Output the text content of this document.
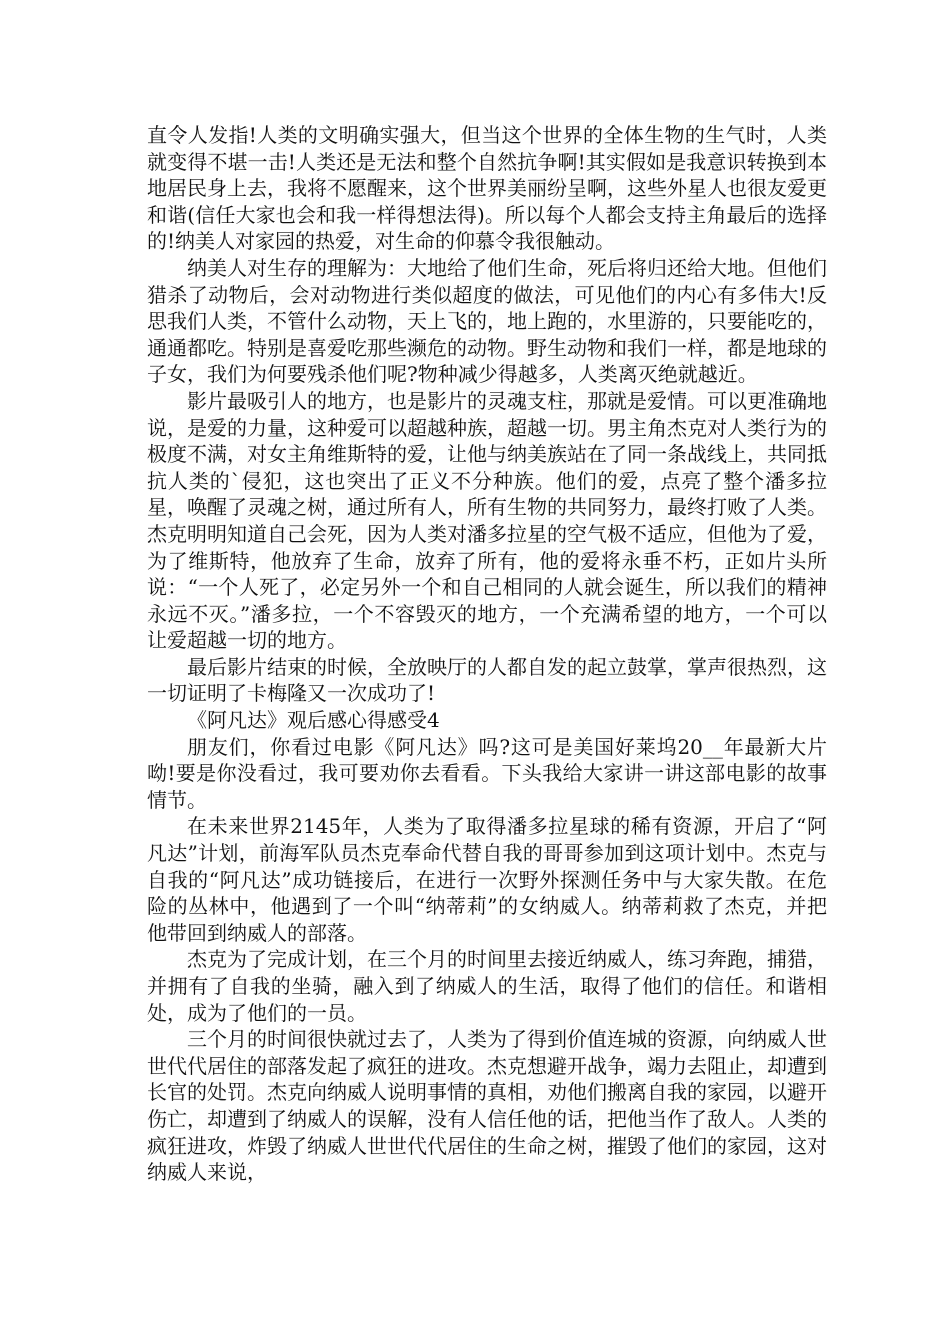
直令人发指!人类的文明确实强大，但当这个世界的全体生物的生气时，人类就变得不堪一击!人类还是无法和整个自然抗争啊!其实假如是我意识转换到本地居民身上去，我将不愿醒来，这个世界美丽纷呈啊，这些外星人也很友爱更和谐(信任大家也会和我一样得想法得)。所以每个人都会支持主角最后的选择的!纳美人对家园的热爱，对生命的仰慕令我很触动。

纳美人对生存的理解为：大地给了他们生命，死后将归还给大地。但他们猎杀了动物后，会对动物进行类似超度的做法，可见他们的内心有多伟大!反思我们人类，不管什么动物，天上飞的，地上跑的，水里游的，只要能吃的，通通都吃。特别是喜爱吃那些濒危的动物。野生动物和我们一样，都是地球的子女，我们为何要残杀他们呢?物种减少得越多，人类离灭绝就越近。

影片最吸引人的地方，也是影片的灵魂支柱，那就是爱情。可以更准确地说，是爱的力量，这种爱可以超越种族，超越一切。男主角杰克对人类行为的极度不满，对女主角维斯特的爱，让他与纳美族站在了同一条战线上，共同抵抗人类的`侵犯，这也突出了正义不分种族。他们的爱，点亮了整个潘多拉星，唤醒了灵魂之树，通过所有人，所有生物的共同努力，最终打败了人类。杰克明明知道自己会死，因为人类对潘多拉星的空气极不适应，但他为了爱，为了维斯特，他放弃了生命，放弃了所有，他的爱将永垂不朽，正如片头所说：“一个人死了，必定另外一个和自己相同的人就会诞生，所以我们的精神永远不灭。”潘多拉，一个不容毁灭的地方，一个充满希望的地方，一个可以让爱超越一切的地方。

最后影片结束的时候，全放映厅的人都自发的起立鼓掌，掌声很热烈，这一切证明了卡梅隆又一次成功了!

《阿凡达》观后感心得感受4

朋友们，你看过电影《阿凡达》吗?这可是美国好莱坞20__年最新大片呦!要是你没看过，我可要劝你去看看。下头我给大家讲一讲这部电影的故事情节。

在未来世界2145年，人类为了取得潘多拉星球的稀有资源，开启了“阿凡达”计划，前海军队员杰克奉命代替自我的哥哥参加到这项计划中。杰克与自我的“阿凡达”成功链接后，在进行一次野外探测任务中与大家失散。在危险的丛林中，他遇到了一个叫“纳蒂莉”的女纳威人。纳蒂莉救了杰克，并把他带回到纳威人的部落。

杰克为了完成计划，在三个月的时间里去接近纳威人，练习奔跑，捕猎，并拥有了自我的坐骑，融入到了纳威人的生活，取得了他们的信任。和谐相处，成为了他们的一员。

三个月的时间很快就过去了，人类为了得到价值连城的资源，向纳威人世世代代居住的部落发起了疯狂的进攻。杰克想避开战争，竭力去阻止，却遭到长官的处罚。杰克向纳威人说明事情的真相，劝他们搬离自我的家园，以避开伤亡，却遭到了纳威人的误解，没有人信任他的话，把他当作了敌人。人类的疯狂进攻，炸毁了纳威人世世代代居住的生命之树，摧毁了他们的家园，这对纳威人来说，
